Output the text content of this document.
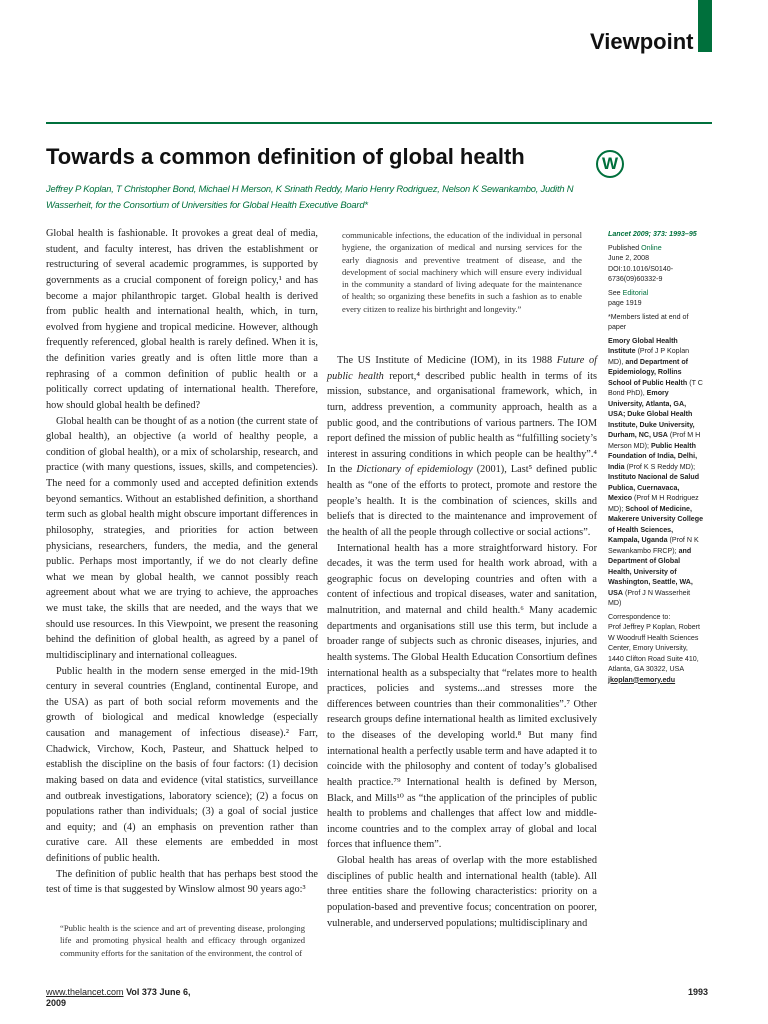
Viewpoint
Towards a common definition of global health	W
Jeffrey P Koplan, T Christopher Bond, Michael H Merson, K Srinath Reddy, Mario Henry Rodriguez, Nelson K Sewankambo, Judith N Wasserheit, for the Consortium of Universities for Global Health Executive Board*

Global health is fashionable. It provokes a great deal of media, student, and faculty interest, has driven the establishment or restructuring of several academic programmes, is supported by governments as a crucial component of foreign policy,¹ and has become a major philanthropic target. Global health is derived from public health and international health, which, in turn, evolved from hygiene and tropical medicine. However, although frequently referenced, global health is rarely defined. When it is, the definition varies greatly and is often little more than a rephrasing of a common definition of public health or a politically correct updating of international health. Therefore, how should global health be defined?

Global health can be thought of as a notion (the current state of global health), an objective (a world of healthy people, a condition of global health), or a mix of scholarship, research, and practice (with many questions, issues, skills, and competencies). The need for a commonly used and accepted definition extends beyond semantics. Without an established definition, a shorthand term such as global health might obscure important differences in philosophy, strategies, and priorities for action between physicians, researchers, funders, the media, and the general public. Perhaps most importantly, if we do not clearly define what we mean by global health, we cannot possibly reach agreement about what we are trying to achieve, the approaches we must take, the skills that are needed, and the ways that we should use resources. In this Viewpoint, we present the reasoning behind the definition of global health, as agreed by a panel of multidisciplinary and international colleagues.

Public health in the modern sense emerged in the mid-19th century in several countries (England, continental Europe, and the USA) as part of both social reform movements and the growth of biological and medical knowledge (especially causation and management of infectious disease).² Farr, Chadwick, Virchow, Koch, Pasteur, and Shattuck helped to establish the discipline on the basis of four factors: (1) decision making based on data and evidence (vital statistics, surveillance and outbreak investigations, laboratory science); (2) a focus on populations rather than individuals; (3) a goal of social justice and equity; and (4) an emphasis on prevention rather than curative care. All these elements are embedded in most definitions of public health.

The definition of public health that has perhaps best stood the test of time is that suggested by Winslow almost 90 years ago:³

“Public health is the science and art of preventing disease, prolonging life and promoting physical health and efficacy through organized community efforts for the sanitation of the environment, the control of
communicable infections, the education of the individual in personal hygiene, the organization of medical and nursing services for the early diagnosis and preventive treatment of disease, and the development of social machinery which will ensure every individual in the community a standard of living adequate for the maintenance of health; so organizing these benefits in such a fashion as to enable every citizen to realize his birthright and longevity.”

The US Institute of Medicine (IOM), in its 1988 Future of public health report,⁴ described public health in terms of its mission, substance, and organisational framework, which, in turn, address prevention, a community approach, health as a public good, and the contributions of various partners. The IOM report defined the mission of public health as “fulfilling society’s interest in assuring conditions in which people can be healthy”.⁴ In the Dictionary of epidemiology (2001), Last⁵ defined public health as “one of the efforts to protect, promote and restore the people’s health. It is the combination of sciences, skills and beliefs that is directed to the maintenance and improvement of the health of all the people through collective or social actions”.

International health has a more straightforward history. For decades, it was the term used for health work abroad, with a geographic focus on developing countries and often with a content of infectious and tropical diseases, water and sanitation, malnutrition, and maternal and child health.⁶ Many academic departments and organisations still use this term, but include a broader range of subjects such as chronic diseases, injuries, and health systems. The Global Health Education Consortium defines international health as a subspecialty that “relates more to health practices, policies and systems...and stresses more the differences between countries than their commonalities”.⁷ Other research groups define international health as limited exclusively to the diseases of the developing world.⁸ But many find international health a perfectly usable term and have adapted it to coincide with the philosophy and content of today’s globalised health practice.⁷⁹ International health is defined by Merson, Black, and Mills¹⁰ as “the application of the principles of public health to problems and challenges that affect low and middle-income countries and to the complex array of global and local forces that influence them”.

Global health has areas of overlap with the more established disciplines of public health and international health (table). All three entities share the following characteristics: priority on a population-based and preventive focus; concentration on poorer, vulnerable, and underserved populations; multidisciplinary and

Lancet 2009; 373: 1993–95

Published Online
June 2, 2008
DOI:10.1016/S0140-6736(09)60332-9

See Editorial
page 1919

*Members listed at end of paper

Emory Global Health Institute (Prof J P Koplan MD), and Department of Epidemiology, Rollins School of Public Health (T C Bond PhD), Emory University, Atlanta, GA, USA; Duke Global Health Institute, Duke University, Durham, NC, USA (Prof M H Merson MD); Public Health Foundation of India, Delhi, India (Prof K S Reddy MD); Instituto Nacional de Salud Publica, Cuernavaca, Mexico (Prof M H Rodriguez MD); School of Medicine, Makerere University College of Health Sciences, Kampala, Uganda (Prof N K Sewankambo FRCP); and Department of Global Health, University of Washington, Seattle, WA, USA (Prof J N Wasserheit MD)

Correspondence to:
Prof Jeffrey P Koplan, Robert W Woodruff Health Sciences Center, Emory University, 1440 Clifton Road Suite 410, Atlanta, GA 30322, USA
jkoplan@emory.edu

www.thelancet.com Vol 373 June 6, 2009
1993
